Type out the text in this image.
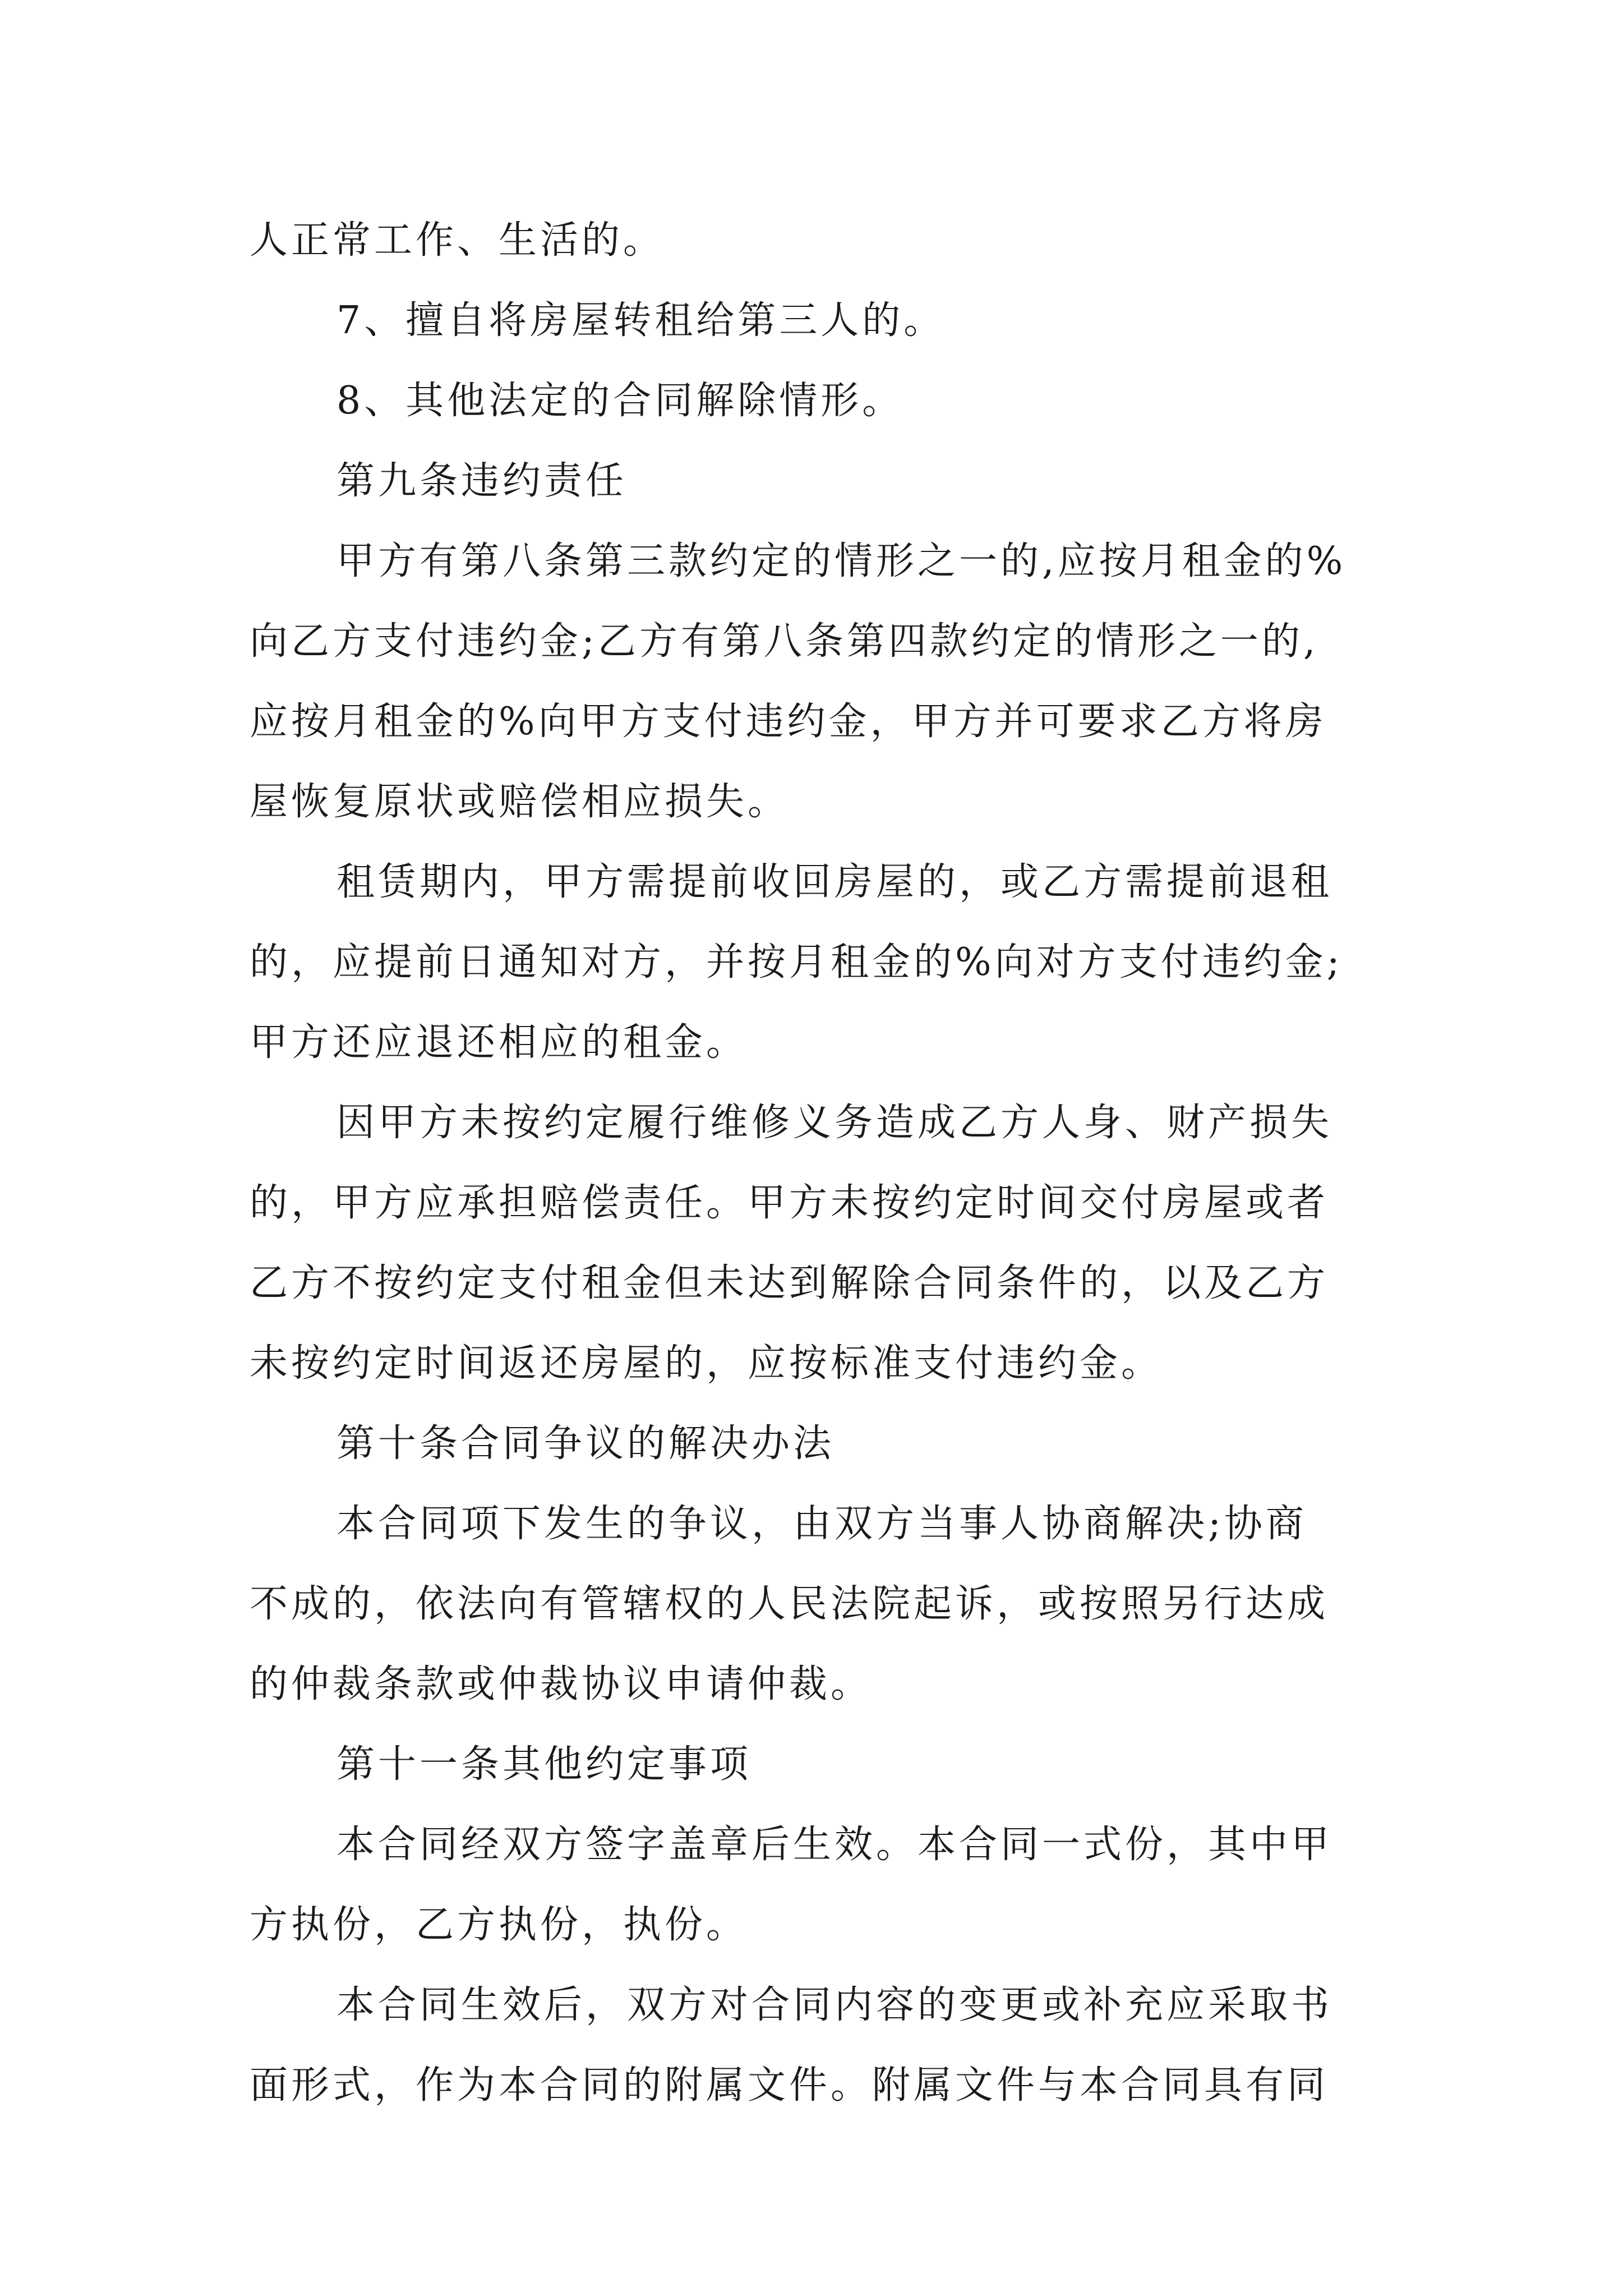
人正常工作、生活的。

7、擅自将房屋转租给第三人的。

8、其他法定的合同解除情形。

第九条违约责任

甲方有第八条第三款约定的情形之一的,应按月租金的%

向乙方支付违约金;乙方有第八条第四款约定的情形之一的,

应按月租金的%向甲方支付违约金，甲方并可要求乙方将房

屋恢复原状或赔偿相应损失。

租赁期内，甲方需提前收回房屋的，或乙方需提前退租

的，应提前日通知对方，并按月租金的%向对方支付违约金;

甲方还应退还相应的租金。

因甲方未按约定履行维修义务造成乙方人身、财产损失

的，甲方应承担赔偿责任。甲方未按约定时间交付房屋或者

乙方不按约定支付租金但未达到解除合同条件的，以及乙方

未按约定时间返还房屋的，应按标准支付违约金。

第十条合同争议的解决办法

本合同项下发生的争议，由双方当事人协商解决;协商

不成的，依法向有管辖权的人民法院起诉，或按照另行达成

的仲裁条款或仲裁协议申请仲裁。

第十一条其他约定事项

本合同经双方签字盖章后生效。本合同一式份，其中甲

方执份，乙方执份，执份。

本合同生效后，双方对合同内容的变更或补充应采取书

面形式，作为本合同的附属文件。附属文件与本合同具有同
